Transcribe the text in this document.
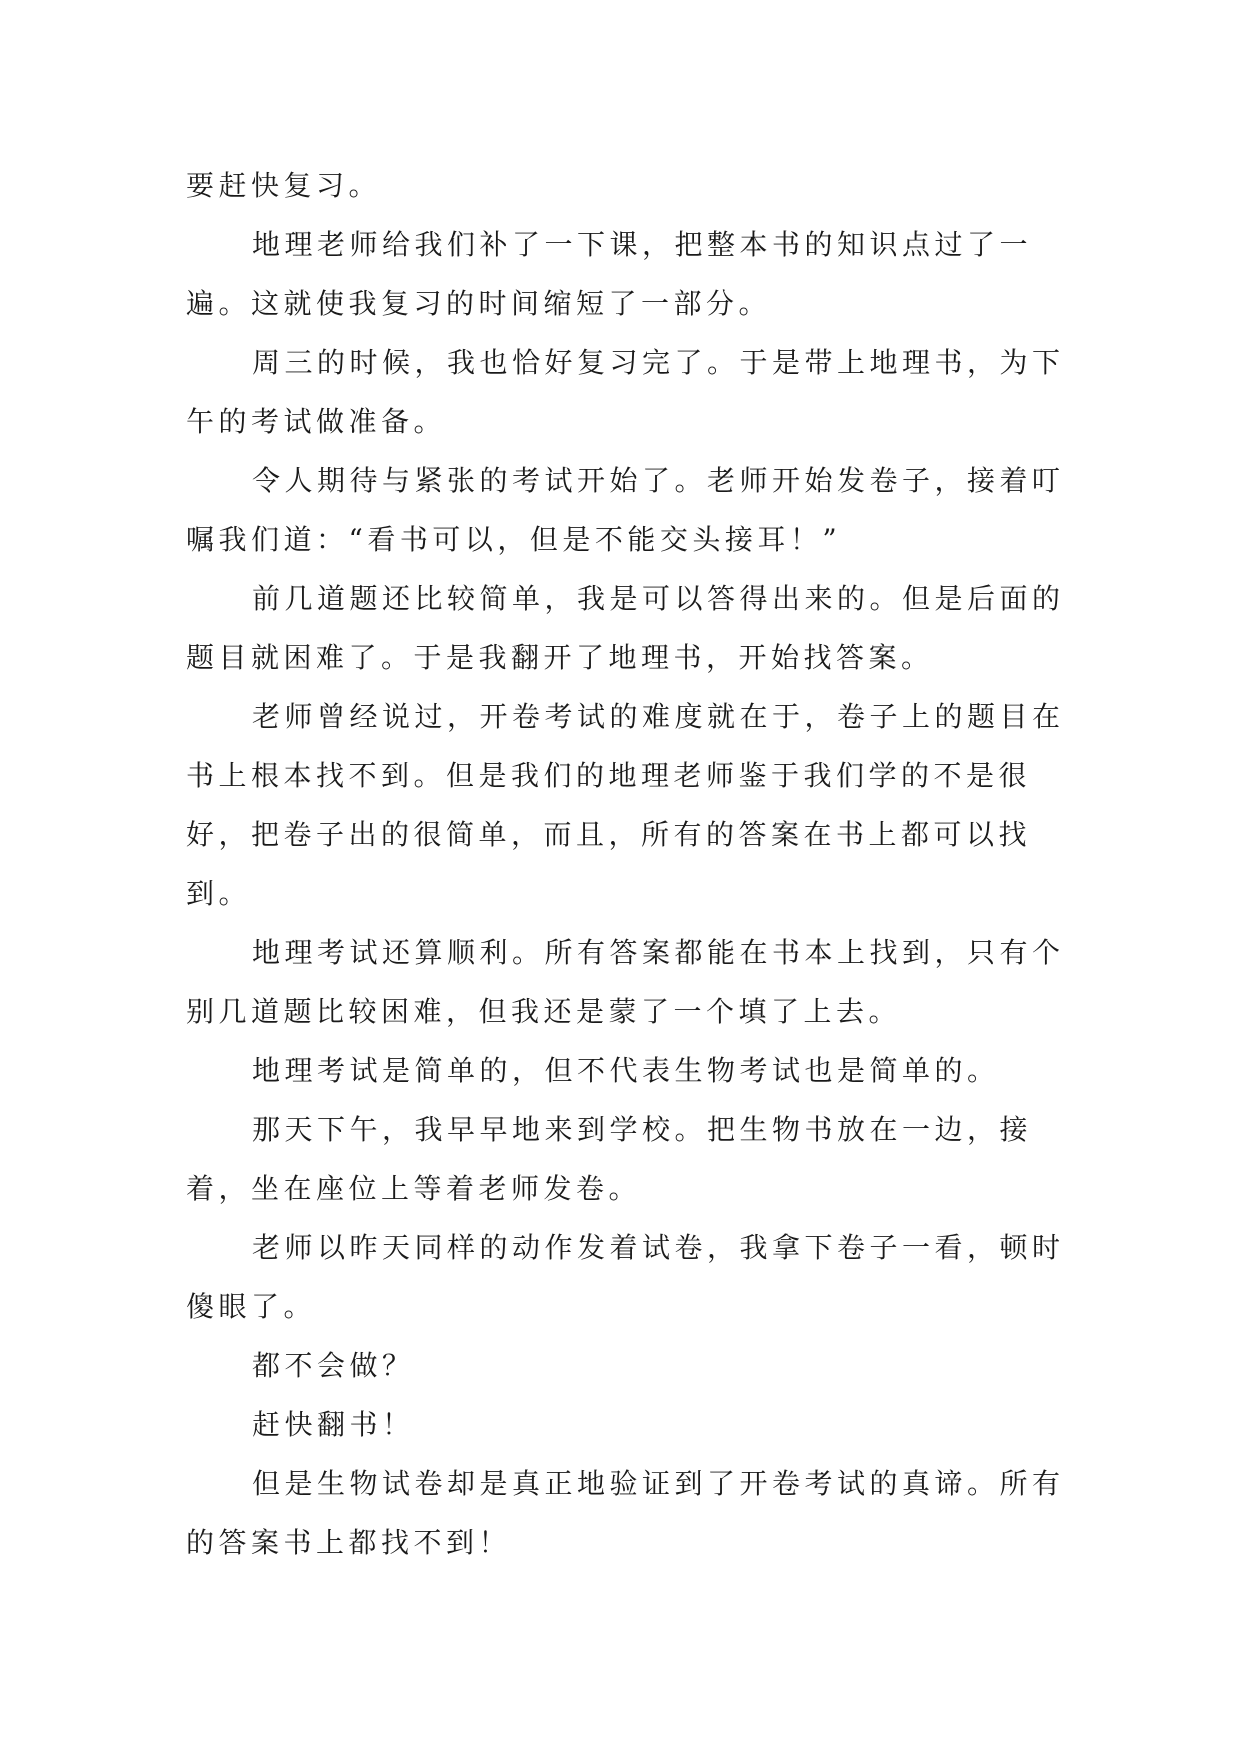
要赶快复习。

地理老师给我们补了一下课，把整本书的知识点过了一遍。这就使我复习的时间缩短了一部分。

周三的时候，我也恰好复习完了。于是带上地理书，为下午的考试做准备。

令人期待与紧张的考试开始了。老师开始发卷子，接着叮嘱我们道：“看书可以，但是不能交头接耳！”

前几道题还比较简单，我是可以答得出来的。但是后面的题目就困难了。于是我翻开了地理书，开始找答案。

老师曾经说过，开卷考试的难度就在于，卷子上的题目在书上根本找不到。但是我们的地理老师鉴于我们学的不是很好，把卷子出的很简单，而且，所有的答案在书上都可以找到。

地理考试还算顺利。所有答案都能在书本上找到，只有个别几道题比较困难，但我还是蒙了一个填了上去。

地理考试是简单的，但不代表生物考试也是简单的。

那天下午，我早早地来到学校。把生物书放在一边，接着，坐在座位上等着老师发卷。

老师以昨天同样的动作发着试卷，我拿下卷子一看，顿时傻眼了。

都不会做？

赶快翻书！

但是生物试卷却是真正地验证到了开卷考试的真谛。所有的答案书上都找不到！
